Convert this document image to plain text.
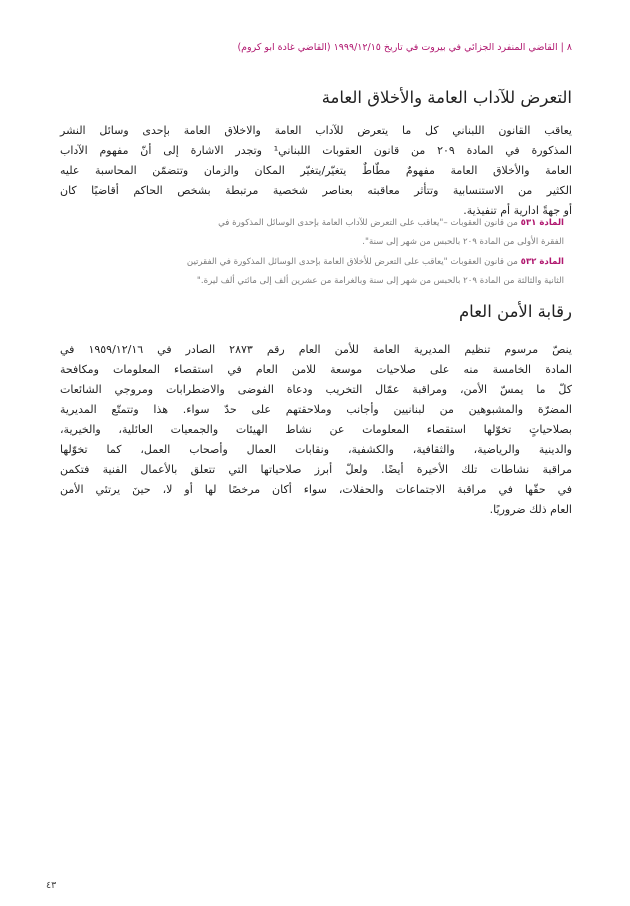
٨ | القاضي المنفرد الجزائي في بيروت في تاريخ ١٩٩٩/١٢/١٥ (القاضي غادة ابو كروم)
التعرض للآداب العامة والأخلاق العامة

يعاقب القانون اللبناني كل ما يتعرض للآداب العامة والاخلاق العامة بإحدى وسائل النشر
المذكورة في المادة ٢٠٩ من قانون العقوبات اللبناني¹ وتجدر الاشارة إلى أنّ مفهوم الآداب
العامة والأخلاق العامة مفهومٌ مطّاطٌ يتغيّر/يتغيّر المكان والزمان وتتضمّن المحاسبة عليه
الكثير من الاستنسابية وتتأثر معاقبته بعناصر شخصية مرتبطة بشخص الحاكم أقاضيًا كان
أو جهةً ادارية أم تنفيذية.

المادة ٥٣١ من قانون العقوبات –"يعاقب على التعرض للآداب العامة بإحدى الوسائل المذكورة في
الفقرة الأولى من المادة ٢٠٩ بالحبس من شهر إلى سنة".

المادة ٥٣٢ من قانون العقوبات "يعاقب على التعرض للأخلاق العامة بإحدى الوسائل المذكورة في الفقرتين
الثانية والثالثة من المادة ٢٠٩ بالحبس من شهر إلى سنة وبالغرامة من عشرين ألف إلى مائتي ألف ليرة."

رقابة الأمن العام

ينصّ مرسوم تنظيم المديرية العامة للأمن العام رقم ٢٨٧٣ الصادر في ١٩٥٩/١٢/١٦ في
المادة الخامسة منه على صلاحيات موسعة للامن العام في استقصاء المعلومات ومكافحة
كلّ ما يمسّ الأمن، ومراقبة عمّال التخريب ودعاة الفوضى والاضطرابات ومروجي الشائعات
المضرّة والمشبوهين من لبنانيين وأجانب وملاحقتهم على حدّ سواء. هذا وتتمتّع المديرية
بصلاحياتٍ تخوّلها استقصاء المعلومات عن نشاط الهيئات والجمعيات العائلية، والخيرية،
والدينية والرياضية، والثقافية، والكشفية، ونقابات العمال وأصحاب العمل، كما تخوّلها
مراقبة نشاطات تلك الأخيرة أيضًا. ولعلّ أبرز صلاحياتها التي تتعلق بالأعمال الفنية فتكمن
في حقّها في مراقبة الاجتماعات والحفلات، سواء أكان مرخصًا لها أو لا، حينَ يرتئي الأمن
العام ذلك ضروريًا.

٤٣
